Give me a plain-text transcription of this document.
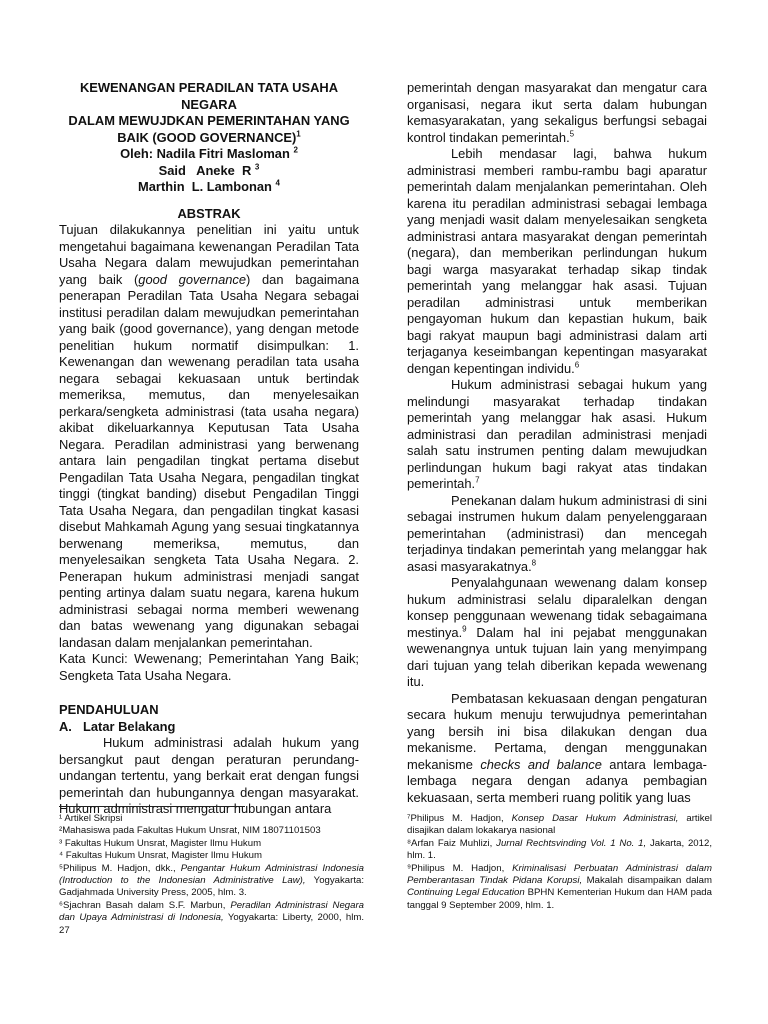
KEWENANGAN PERADILAN TATA USAHA NEGARA
DALAM MEWUJDKAN PEMERINTAHAN YANG
BAIK (GOOD GOVERNANCE)$^1$
Oleh: Nadila Fitri Masloman $^2$
Said   Aneke  R $^3$
Marthin  L. Lambonan $^4$
ABSTRAK

Tujuan dilakukannya penelitian ini yaitu untuk mengetahui bagaimana kewenangan Peradilan Tata Usaha Negara dalam mewujudkan pemerintahan yang baik (good governance) dan bagaimana penerapan Peradilan Tata Usaha Negara sebagai institusi peradilan dalam mewujudkan pemerintahan yang baik (good governance), yang dengan metode penelitian hukum normatif disimpulkan: 1. Kewenangan dan wewenang peradilan tata usaha negara sebagai kekuasaan untuk bertindak memeriksa, memutus, dan menyelesaikan perkara/sengketa administrasi (tata usaha negara) akibat dikeluarkannya Keputusan Tata Usaha Negara. Peradilan administrasi yang berwenang antara lain pengadilan tingkat pertama disebut Pengadilan Tata Usaha Negara, pengadilan tingkat tinggi (tingkat banding) disebut Pengadilan Tinggi Tata Usaha Negara, dan pengadilan tingkat kasasi disebut Mahkamah Agung yang sesuai tingkatannya berwenang memeriksa, memutus, dan menyelesaikan sengketa Tata Usaha Negara. 2. Penerapan hukum administrasi menjadi sangat penting artinya dalam suatu negara, karena hukum administrasi sebagai norma memberi wewenang dan batas wewenang yang digunakan sebagai landasan dalam menjalankan pemerintahan.

Kata Kunci: Wewenang; Pemerintahan Yang Baik; Sengketa Tata Usaha Negara.

PENDAHULUAN
A. Latar Belakang

Hukum administrasi adalah hukum yang bersangkut paut dengan peraturan perundang-undangan tertentu, yang berkait erat dengan fungsi pemerintah dan hubungannya dengan masyarakat. Hukum administrasi mengatur hubungan antara

pemerintah dengan masyarakat dan mengatur cara organisasi, negara ikut serta dalam hubungan kemasyarakatan, yang sekaligus berfungsi sebagai kontrol tindakan pemerintah.$^5$

Lebih mendasar lagi, bahwa hukum administrasi memberi rambu-rambu bagi aparatur pemerintah dalam menjalankan pemerintahan. Oleh karena itu peradilan administrasi sebagai lembaga yang menjadi wasit dalam menyelesaikan sengketa administrasi antara masyarakat dengan pemerintah (negara), dan memberikan perlindungan hukum bagi warga masyarakat terhadap sikap tindak pemerintah yang melanggar hak asasi. Tujuan peradilan administrasi untuk memberikan pengayoman hukum dan kepastian hukum, baik bagi rakyat maupun bagi administrasi dalam arti terjaganya keseimbangan kepentingan masyarakat dengan kepentingan individu.$^6$

Hukum administrasi sebagai hukum yang melindungi masyarakat terhadap tindakan pemerintah yang melanggar hak asasi. Hukum administrasi dan peradilan administrasi menjadi salah satu instrumen penting dalam mewujudkan perlindungan hukum bagi rakyat atas tindakan pemerintah.$^7$

Penekanan dalam hukum administrasi di sini sebagai instrumen hukum dalam penyelenggaraan pemerintahan (administrasi) dan mencegah terjadinya tindakan pemerintah yang melanggar hak asasi masyarakatnya.$^8$

Penyalahgunaan wewenang dalam konsep hukum administrasi selalu diparalelkan dengan konsep penggunaan wewenang tidak sebagaimana mestinya.$^9$ Dalam hal ini pejabat menggunakan wewenangnya untuk tujuan lain yang menyimpang dari tujuan yang telah diberikan kepada wewenang itu.

Pembatasan kekuasaan dengan pengaturan secara hukum menuju terwujudnya pemerintahan yang bersih ini bisa dilakukan dengan dua mekanisme. Pertama, dengan menggunakan mekanisme checks and balance antara lembaga-lembaga negara dengan adanya pembagian kekuasaan, serta memberi ruang politik yang luas

¹ Artikel Skripsi
²Mahasiswa pada Fakultas Hukum Unsrat, NIM 18071101503
³ Fakultas Hukum Unsrat, Magister Ilmu Hukum
⁴ Fakultas Hukum Unsrat, Magister Ilmu Hukum
⁵Philipus M. Hadjon, dkk., Pengantar Hukum Administrasi Indonesia (Introduction to the Indonesian Administrative Law), Yogyakarta: Gadjahmada University Press, 2005, hlm. 3.
⁶Sjachran Basah dalam S.F. Marbun, Peradilan Administrasi Negara dan Upaya Administrasi di Indonesia, Yogyakarta: Liberty, 2000, hlm. 27
⁷Philipus M. Hadjon, Konsep Dasar Hukum Administrasi, artikel disajikan dalam lokakarya nasional
⁸Arfan Faiz Muhlizi, Jurnal Rechtsvinding Vol. 1 No. 1, Jakarta, 2012, hlm. 1.
⁹Philipus M. Hadjon, Kriminalisasi Perbuatan Administrasi dalam Pemberantasan Tindak Pidana Korupsi, Makalah disampaikan dalam Continuing Legal Education BPHN Kementerian Hukum dan HAM pada tanggal 9 September 2009, hlm. 1.
